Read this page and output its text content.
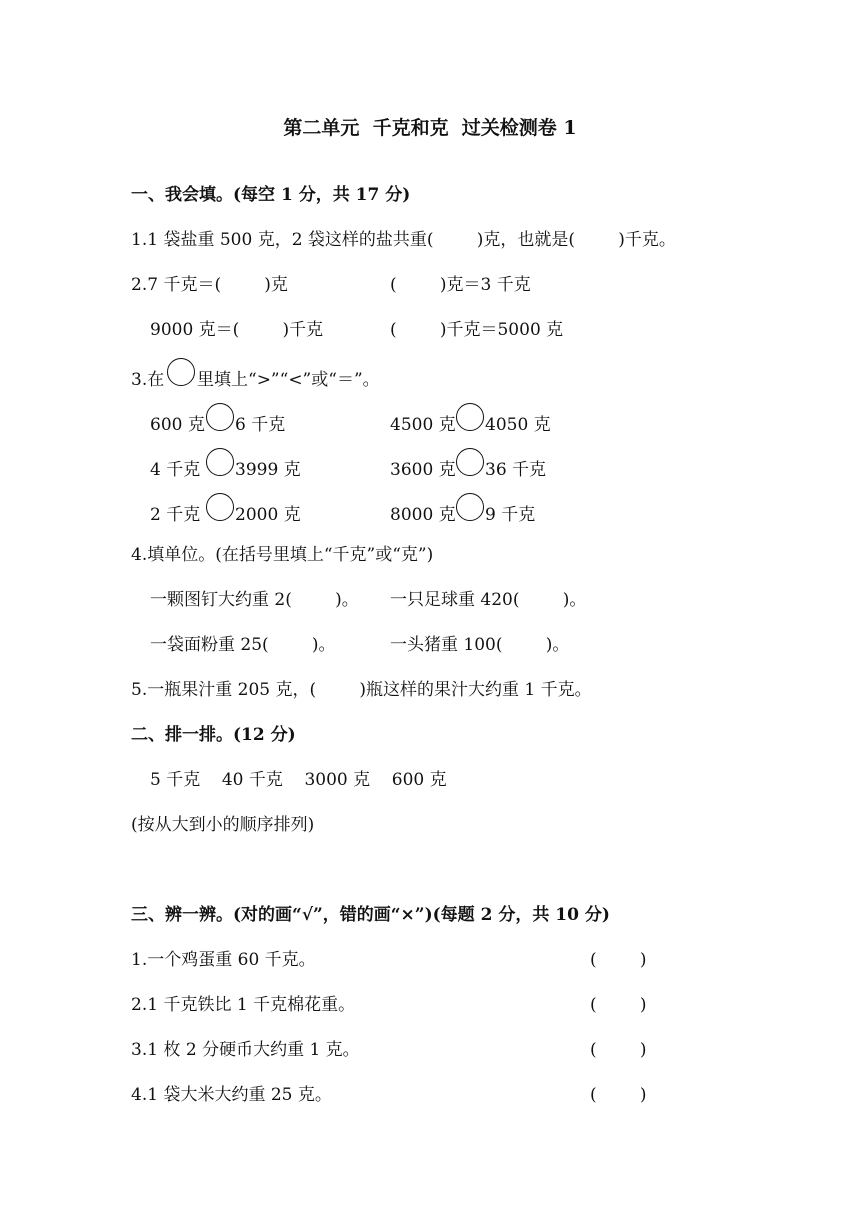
第二单元  千克和克  过关检测卷 1
一、我会填。(每空 1 分，共 17 分)
1.1 袋盐重 500 克，2 袋这样的盐共重(        )克，也就是(        )千克。
2.7 千克＝(        )克	(        )克＝3 千克
9000 克＝(        )千克	(        )千克＝5000 克
3.在 里填上“>”“<”或“＝”。
600 克 6 千克	4500 克 4050 克
4 千克 3999 克	3600 克 36 千克
2 千克 2000 克	8000 克 9 千克
4.填单位。(在括号里填上“千克”或“克”)
一颗图钉大约重 2(        )。 一只足球重 420(        )。
一袋面粉重 25(        )。	一头猪重 100(        )。
5.一瓶果汁重 205 克，(        )瓶这样的果汁大约重 1 千克。
二、排一排。(12 分)
5 千克    40 千克    3000 克    600 克
(按从大到小的顺序排列)
三、辨一辨。(对的画“√”，错的画“×”)(每题 2 分，共 10 分)
1.一个鸡蛋重 60 千克。	(        )
2.1 千克铁比 1 千克棉花重。	(        )
3.1 枚 2 分硬币大约重 1 克。	(        )
4.1 袋大米大约重 25 克。	(        )
